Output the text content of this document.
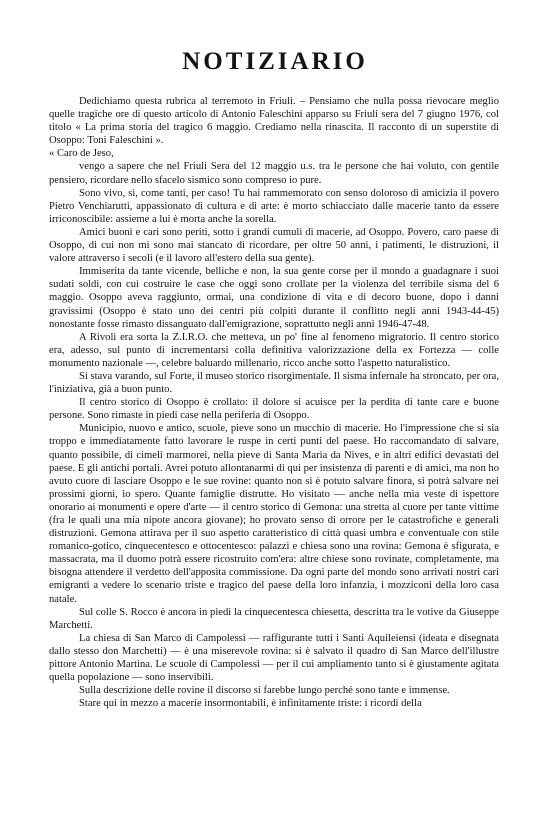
NOTIZIARIO

Dedichiamo questa rubrica al terremoto in Friuli. – Pensiamo che nulla possa rievocare meglio quelle tragiche ore di questo articolo di Antonio Faleschini apparso su Friuli sera del 7 giugno 1976, col titolo « La prima storia del tragico 6 maggio. Crediamo nella rinascita. Il racconto di un superstite di Osoppo: Toni Faleschini ».

« Caro de Jeso,

vengo a sapere che nel Friuli Sera del 12 maggio u.s. tra le persone che hai voluto, con gentile pensiero, ricordare nello sfacelo sismico sono compreso io pure.

Sono vivo, sì, come tanti, per caso! Tu hai rammemorato con senso doloroso di amicizia il povero Pietro Venchiarutti, appassionato di cultura e di arte: è morto schiacciato dalle macerie tanto da essere irriconoscibile: assieme a lui è morta anche la sorella.

Amici buoni e cari sono periti, sotto i grandi cumuli di macerie, ad Osoppo. Povero, caro paese di Osoppo, di cui non mi sono mai stancato di ricordare, per oltre 50 anni, i patimenti, le distruzioni, il valore attraverso i secoli (e il lavoro all'estero della sua gente).

Immiserita da tante vicende, belliche e non, la sua gente corse per il mondo a guadagnare i suoi sudati soldi, con cui costruire le case che oggi sono crollate per la violenza del terribile sisma del 6 maggio. Osoppo aveva raggiunto, ormai, una condizione di vita e di decoro buone, dopo i danni gravissimi (Osoppo è stato uno dei centri più colpiti durante il conflitto negli anni 1943-44-45) nonostante fosse rimasto dissanguato dall'emigrazione, soprattutto negli anni 1946-47-48.

A Rivoli era sorta la Z.I.R.O. che metteva, un po' fine al fenomeno migratorio. Il centro storico era, adesso, sul punto di incrementarsi colla definitiva valorizzazione della ex Fortezza — colle monumento nazionale —, celebre baluardo millenario, ricco anche sotto l'aspetto naturalistico.

Si stava varando, sul Forte, il museo storico risorgimentale. Il sisma infernale ha stroncato, per ora, l'iniziativa, già a buon punto.

Il centro storico di Osoppo è crollato: il dolore si acuisce per la perdita di tante care e buone persone. Sono rimaste in piedi case nella periferia di Osoppo.

Municipio, nuovo e antico, scuole, pieve sono un mucchio di macerie. Ho l'impressione che si sia troppo e immediatamente fatto lavorare le ruspe in certi punti del paese. Ho raccomandato di salvare, quanto possibile, di cimeli marmorei, nella pieve di Santa Maria da Nives, e in altri edifici devastati del paese. E gli antichi portali. Avrei potuto allontanarmi di qui per insistenza di parenti e di amici, ma non ho avuto cuore di lasciare Osoppo e le sue rovine: quanto non si è potuto salvare finora, si potrà salvare nei prossimi giorni, io spero. Quante famiglie distrutte. Ho visitato — anche nella mia veste di ispettore onorario ai monumenti e opere d'arte — il centro storico di Gemona: una stretta al cuore per tante vittime (fra le quali una mia nipote ancora giovane); ho provato senso di orrore per le catastrofiche e generali distruzioni. Gemona attirava per il suo aspetto caratteristico di città quasi umbra e conventuale con stile romanico-gotico, cinquecentesco e ottocentesco: palazzi e chiesa sono una rovina: Gemona è sfigurata, e massacrata, ma il duomo potrà essere ricostruito com'era: altre chiese sono rovinate, completamente, ma bisogna attendere il verdetto dell'apposita commissione. Da ogni parte del mondo sono arrivati nostri cari emigranti a vedere lo scenario triste e tragico del paese della loro infanzia, i mozziconi della loro casa natale.

Sul colle S. Rocco è ancora in piedi la cinquecentesca chiesetta, descritta tra le votive da Giuseppe Marchetti.

La chiesa di San Marco di Campolessi — raffigurante tutti i Santi Aquileiensi (ideata e disegnata dallo stesso don Marchetti) — è una miserevole rovina: si è salvato il quadro di San Marco dell'illustre pittore Antonio Martina. Le scuole di Campolessi — per il cui ampliamento tanto si è giustamente agitata quella popolazione — sono inservibili.

Sulla descrizione delle rovine il discorso si farebbe lungo perché sono tante e immense.

Stare qui in mezzo a macerie insormontabili, è infinitamente triste: i ricordi della
